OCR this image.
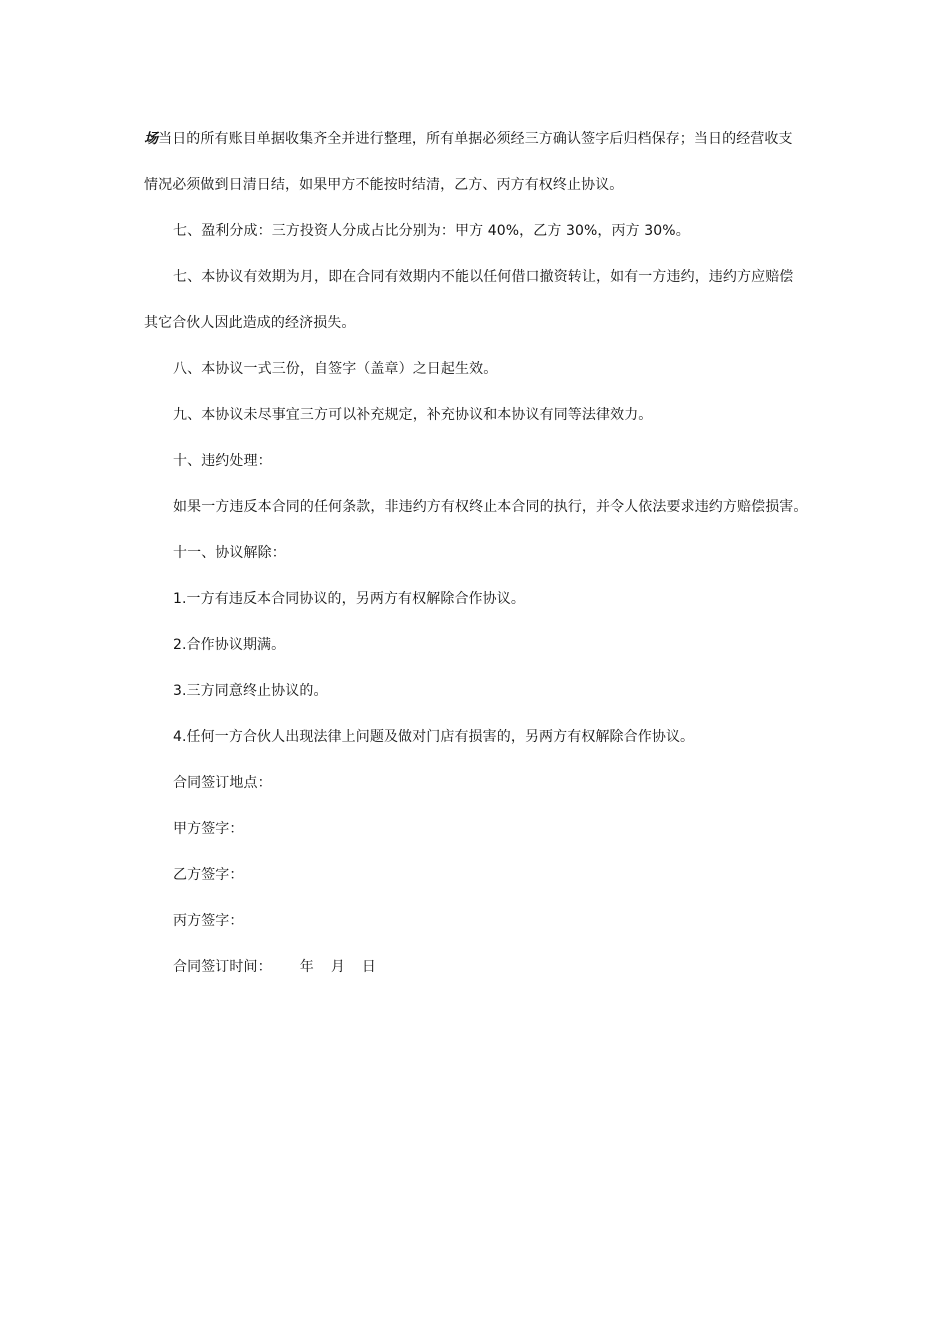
场当日的所有账目单据收集齐全并进行整理，所有单据必须经三方确认签字后归档保存；当日的经营收支
情况必须做到日清日结，如果甲方不能按时结清，乙方、丙方有权终止协议。
七、盈利分成：三方投资人分成占比分别为：甲方 40%，乙方 30%，丙方 30%。
七、本协议有效期为月，即在合同有效期内不能以任何借口撤资转让，如有一方违约，违约方应赔偿
其它合伙人因此造成的经济损失。
八、本协议一式三份，自签字（盖章）之日起生效。
九、本协议未尽事宜三方可以补充规定，补充协议和本协议有同等法律效力。
十、违约处理：
如果一方违反本合同的任何条款，非违约方有权终止本合同的执行，并令人依法要求违约方赔偿损害。
十一、协议解除：
1.一方有违反本合同协议的，另两方有权解除合作协议。
2.合作协议期满。
3.三方同意终止协议的。
4.任何一方合伙人出现法律上问题及做对门店有损害的，另两方有权解除合作协议。
合同签订地点：
甲方签字：
乙方签字：
丙方签字：
合同签订时间： 年 月 日
